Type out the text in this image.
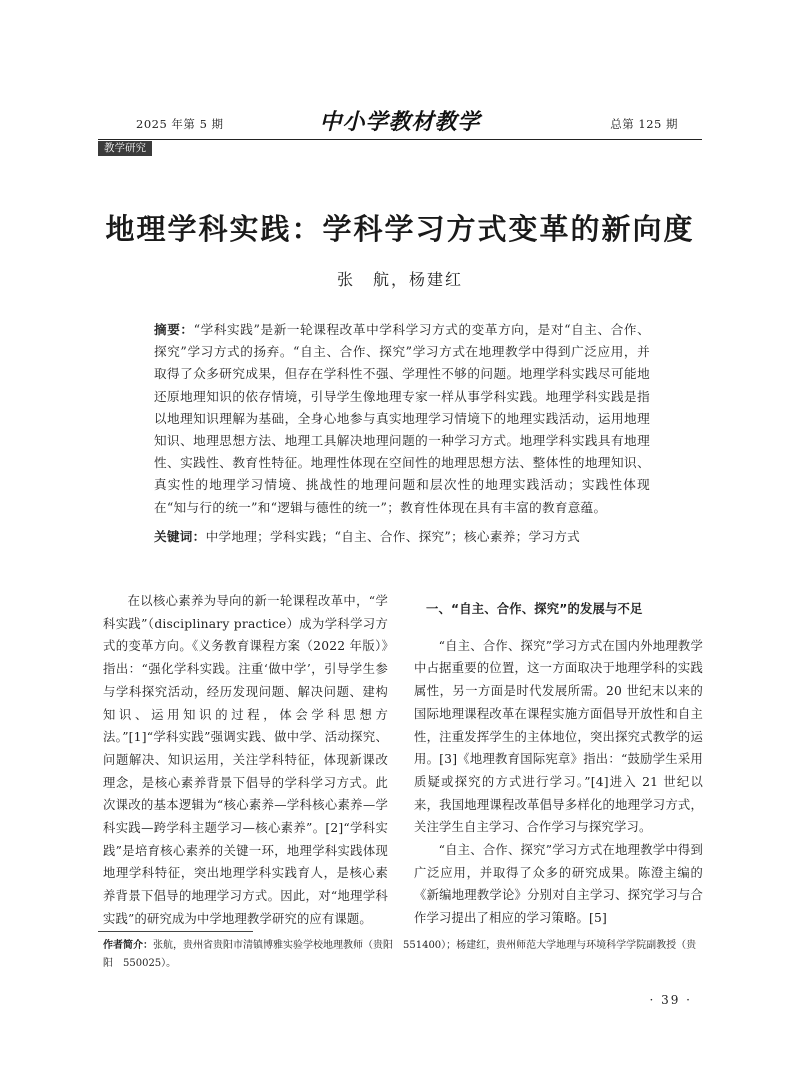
2025 年第 5 期	中小学教材教学	总第 125 期
教学研究
地理学科实践：学科学习方式变革的新向度
张　航，杨建红
摘要：“学科实践”是新一轮课程改革中学科学习方式的变革方向，是对“自主、合作、探究”学习方式的扬弃。“自主、合作、探究”学习方式在地理教学中得到广泛应用，并取得了众多研究成果，但存在学科性不强、学理性不够的问题。地理学科实践尽可能地还原地理知识的依存情境，引导学生像地理专家一样从事学科实践。地理学科实践是指以地理知识理解为基础，全身心地参与真实地理学习情境下的地理实践活动，运用地理知识、地理思想方法、地理工具解决地理问题的一种学习方式。地理学科实践具有地理性、实践性、教育性特征。地理性体现在空间性的地理思想方法、整体性的地理知识、真实性的地理学习情境、挑战性的地理问题和层次性的地理实践活动；实践性体现在“知与行的统一”和“逻辑与德性的统一”；教育性体现在具有丰富的教育意蕴。
关键词：中学地理；学科实践；“自主、合作、探究”；核心素养；学习方式

在以核心素养为导向的新一轮课程改革中，“学科实践”（disciplinary practice）成为学科学习方式的变革方向。《义务教育课程方案（2022 年版）》指出：“强化学科实践。注重‘做中学’，引导学生参与学科探究活动，经历发现问题、解决问题、建构知识、运用知识的过程，体会学科思想方法。”[1]“学科实践”强调实践、做中学、活动探究、问题解决、知识运用，关注学科特征，体现新课改理念，是核心素养背景下倡导的学科学习方式。此次课改的基本逻辑为“核心素养—学科核心素养—学科实践—跨学科主题学习—核心素养”。[2]“学科实践”是培育核心素养的关键一环，地理学科实践体现地理学科特征，突出地理学科实践育人，是核心素养背景下倡导的地理学习方式。因此，对“地理学科实践”的研究成为中学地理教学研究的应有课题。

一、“自主、合作、探究”的发展与不足

“自主、合作、探究”学习方式在国内外地理教学中占据重要的位置，这一方面取决于地理学科的实践属性，另一方面是时代发展所需。20 世纪末以来的国际地理课程改革在课程实施方面倡导开放性和自主性，注重发挥学生的主体地位，突出探究式教学的运用。[3]《地理教育国际宪章》指出：“鼓励学生采用质疑或探究的方式进行学习。”[4]进入 21 世纪以来，我国地理课程改革倡导多样化的地理学习方式，关注学生自主学习、合作学习与探究学习。

“自主、合作、探究”学习方式在地理教学中得到广泛应用，并取得了众多的研究成果。陈澄主编的《新编地理教学论》分别对自主学习、探究学习与合作学习提出了相应的学习策略。[5]

作者简介：张航，贵州省贵阳市清镇博雅实验学校地理教师（贵阳　551400）；杨建红，贵州师范大学地理与环境科学学院副教授（贵阳　550025）。
· 39 ·
